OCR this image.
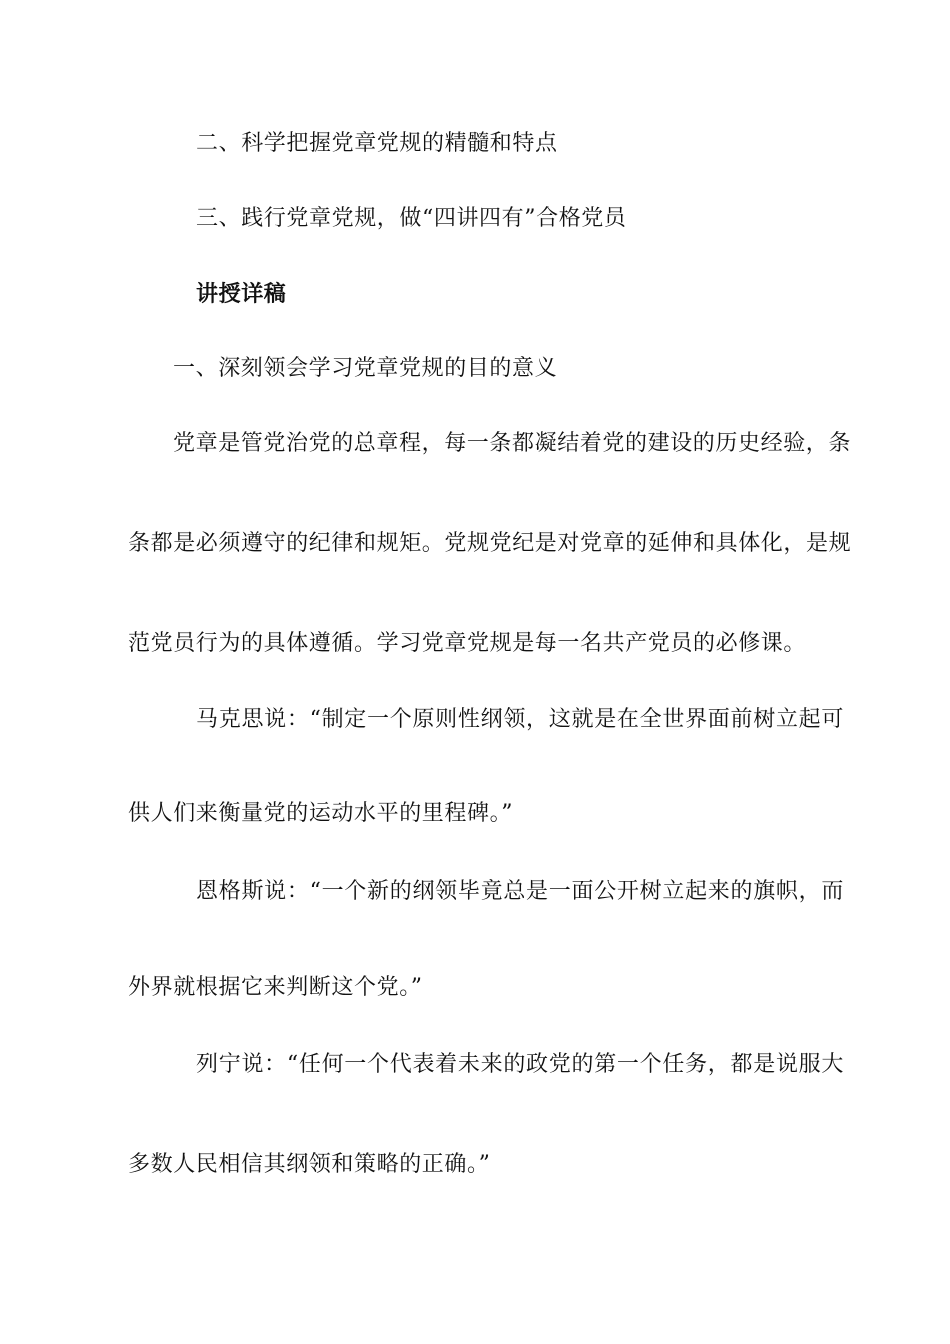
二、科学把握党章党规的精髓和特点
三、践行党章党规，做“四讲四有”合格党员
讲授详稿
一、深刻领会学习党章党规的目的意义
党章是管党治党的总章程，每一条都凝结着党的建设的历史经验，条
条都是必须遵守的纪律和规矩。党规党纪是对党章的延伸和具体化，是规
范党员行为的具体遵循。学习党章党规是每一名共产党员的必修课。
马克思说：“制定一个原则性纲领，这就是在全世界面前树立起可
供人们来衡量党的运动水平的里程碑。”
恩格斯说：“一个新的纲领毕竟总是一面公开树立起来的旗帜，而
外界就根据它来判断这个党。”
列宁说：“任何一个代表着未来的政党的第一个任务，都是说服大
多数人民相信其纲领和策略的正确。”
